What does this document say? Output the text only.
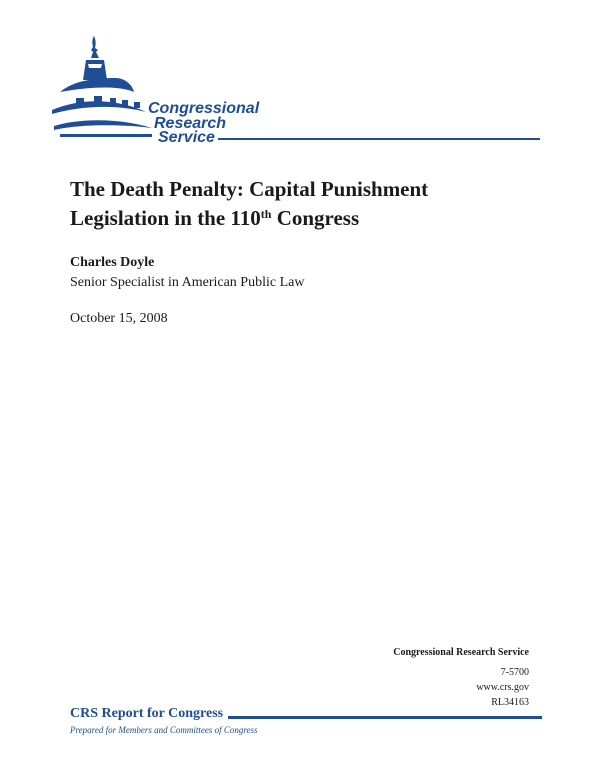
Congressional
Research
Service
The Death Penalty: Capital Punishment
Legislation in the 110th Congress
Charles Doyle
Senior Specialist in American Public Law
October 15, 2008
Congressional Research Service
7-5700
www.crs.gov
RL34163
CRS Report for Congress
Prepared for Members and Committees of Congress
